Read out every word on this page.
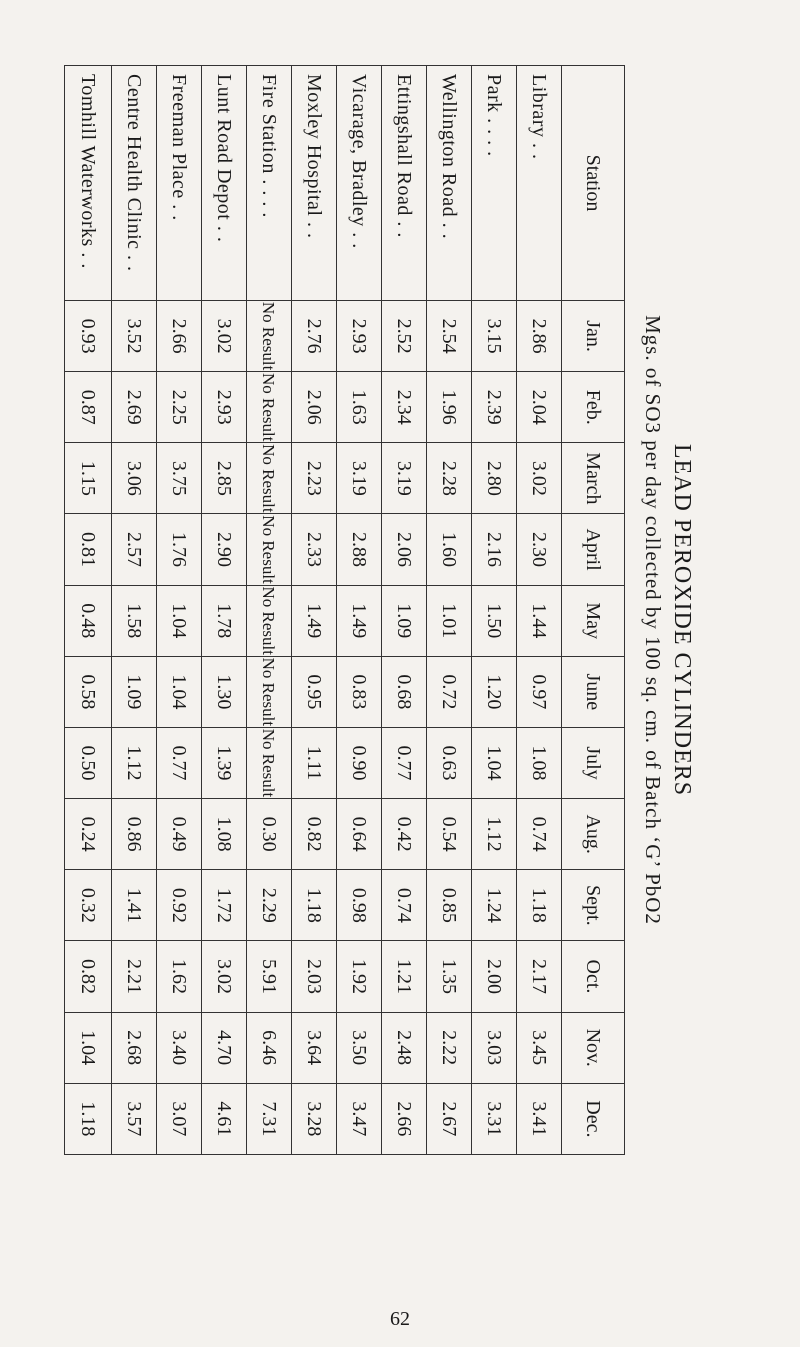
LEAD PEROXIDE CYLINDERS
Mgs. of SO3 per day collected by 100 sq. cm. of Batch ‘G’ PbO2
Station	Jan.	Feb.	March	April	May	June	July	Aug.	Sept.	Oct.	Nov.	Dec.
Library . .	2.86	2.04	3.02	2.30	1.44	0.97	1.08	0.74	1.18	2.17	3.45	3.41
Park . . . .	3.15	2.39	2.80	2.16	1.50	1.20	1.04	1.12	1.24	2.00	3.03	3.31
Wellington Road . .	2.54	1.96	2.28	1.60	1.01	0.72	0.63	0.54	0.85	1.35	2.22	2.67
Ettingshall Road . .	2.52	2.34	3.19	2.06	1.09	0.68	0.77	0.42	0.74	1.21	2.48	2.66
Vicarage, Bradley . .	2.93	1.63	3.19	2.88	1.49	0.83	0.90	0.64	0.98	1.92	3.50	3.47
Moxley Hospital . .	2.76	2.06	2.23	2.33	1.49	0.95	1.11	0.82	1.18	2.03	3.64	3.28
Fire Station . . . .	No Result	No Result	No Result	No Result	No Result	No Result	No Result	0.30	2.29	5.91	6.46	7.31
Lunt Road Depot . .	3.02	2.93	2.85	2.90	1.78	1.30	1.39	1.08	1.72	3.02	4.70	4.61
Freeman Place . .	2.66	2.25	3.75	1.76	1.04	1.04	0.77	0.49	0.92	1.62	3.40	3.07
Centre Health Clinic . .	3.52	2.69	3.06	2.57	1.58	1.09	1.12	0.86	1.41	2.21	2.68	3.57
Tomhill Waterworks . .	0.93	0.87	1.15	0.81	0.48	0.58	0.50	0.24	0.32	0.82	1.04	1.18
62
